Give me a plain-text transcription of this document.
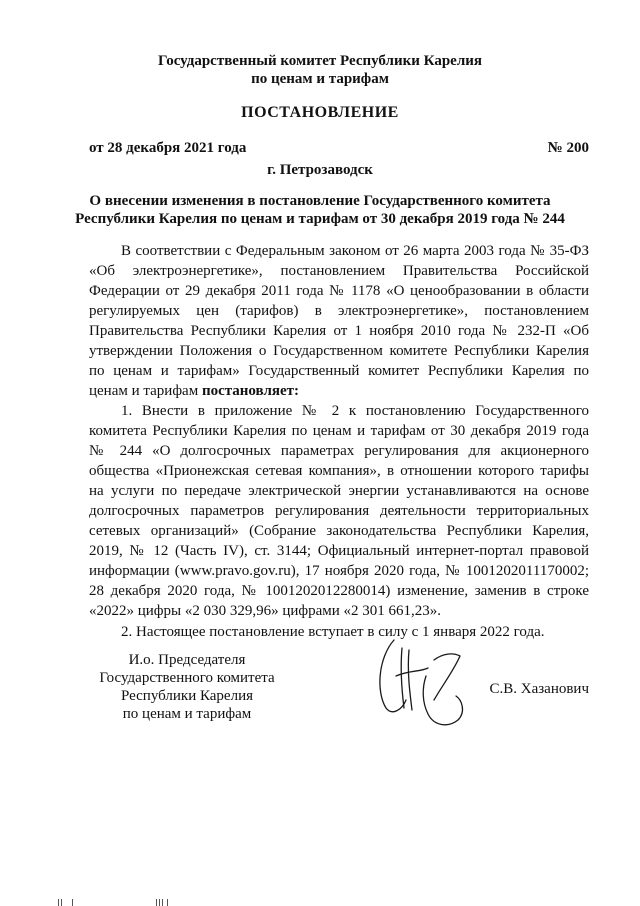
Государственный комитет Республики Карелия
по ценам и тарифам
ПОСТАНОВЛЕНИЕ
от 28 декабря 2021 года	№ 200
г. Петрозаводск
О внесении изменения в постановление Государственного комитета
Республики Карелия по ценам и тарифам от 30 декабря 2019 года № 244
В соответствии с Федеральным законом от 26 марта 2003 года № 35-ФЗ
«Об электроэнергетике», постановлением Правительства Российской
Федерации от 29 декабря 2011 года № 1178 «О ценообразовании в области
регулируемых цен (тарифов) в электроэнергетике», постановлением
Правительства Республики Карелия от 1 ноября 2010 года № 232-П «Об
утверждении Положения о Государственном комитете Республики Карелия
по ценам и тарифам» Государственный комитет Республики Карелия по
ценам и тарифам постановляет:
1. Внести в приложение № 2 к постановлению Государственного
комитета Республики Карелия по ценам и тарифам от 30 декабря 2019 года
№ 244 «О долгосрочных параметрах регулирования для акционерного
общества «Прионежская сетевая компания», в отношении которого тарифы
на услуги по передаче электрической энергии устанавливаются на основе
долгосрочных параметров регулирования деятельности территориальных
сетевых организаций» (Собрание законодательства Республики Карелия,
2019, № 12 (Часть IV), ст. 3144; Официальный интернет-портал правовой
информации (www.pravo.gov.ru), 17 ноября 2020 года, № 1001202011170002;
28 декабря 2020 года, № 1001202012280014) изменение, заменив в строке
«2022» цифры «2 030 329,96» цифрами «2 301 661,23».
2. Настоящее постановление вступает в силу с 1 января 2022 года.
И.о. Председателя
Государственного комитета
Республики Карелия
по ценам и тарифам
С.В. Хазанович
